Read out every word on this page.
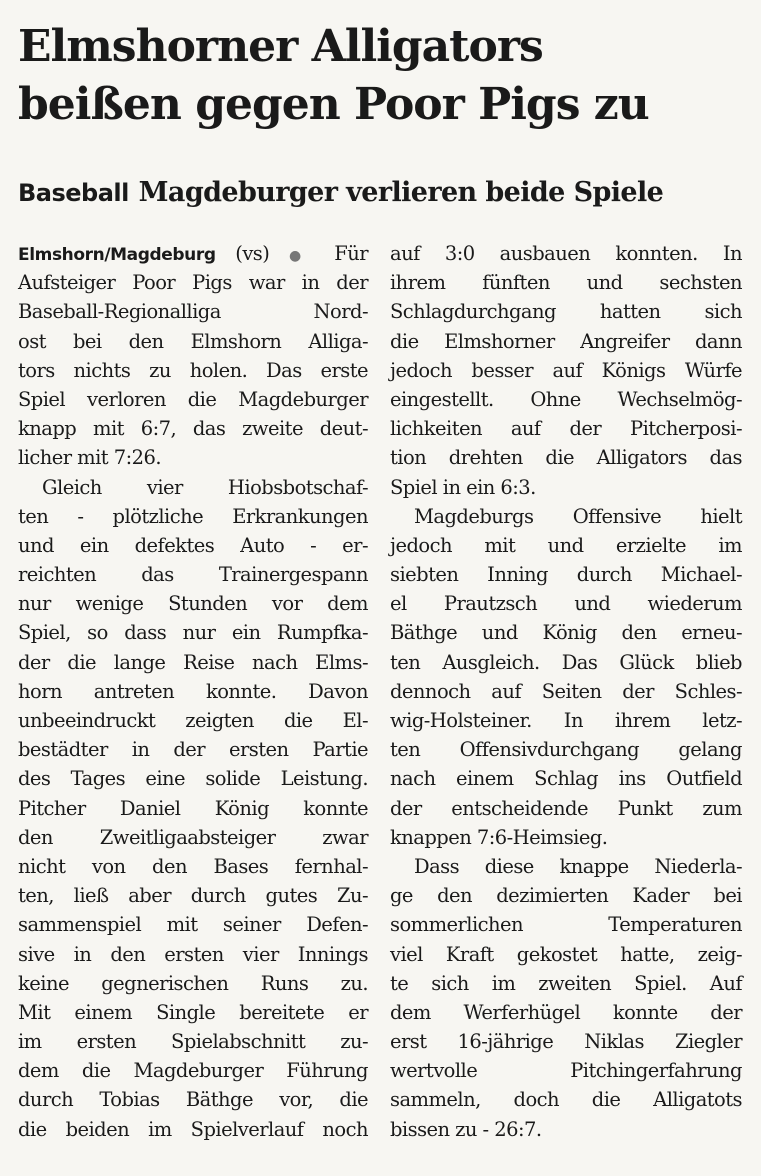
Elmshorner Alligators
beißen gegen Poor Pigs zu
Baseball Magdeburger verlieren beide Spiele
Elmshorn/Magdeburg (vs) ● Für
Aufsteiger Poor Pigs war in der
Baseball-Regionalliga Nord-
ost bei den Elmshorn Alliga-
tors nichts zu holen. Das erste
Spiel verloren die Magdeburger
knapp mit 6:7, das zweite deut-
licher mit 7:26.
Gleich vier Hiobsbotschaf-
ten - plötzliche Erkrankungen
und ein defektes Auto - er-
reichten das Trainergespann
nur wenige Stunden vor dem
Spiel, so dass nur ein Rumpfka-
der die lange Reise nach Elms-
horn antreten konnte. Davon
unbeeindruckt zeigten die El-
bestädter in der ersten Partie
des Tages eine solide Leistung.
Pitcher Daniel König konnte
den Zweitligaabsteiger zwar
nicht von den Bases fernhal-
ten, ließ aber durch gutes Zu-
sammenspiel mit seiner Defen-
sive in den ersten vier Innings
keine gegnerischen Runs zu.
Mit einem Single bereitete er
im ersten Spielabschnitt zu-
dem die Magdeburger Führung
durch Tobias Bäthge vor, die
die beiden im Spielverlauf noch
auf 3:0 ausbauen konnten. In
ihrem fünften und sechsten
Schlagdurchgang hatten sich
die Elmshorner Angreifer dann
jedoch besser auf Königs Würfe
eingestellt. Ohne Wechselmög-
lichkeiten auf der Pitcherposi-
tion drehten die Alligators das
Spiel in ein 6:3.
Magdeburgs Offensive hielt
jedoch mit und erzielte im
siebten Inning durch Michael-
el Prautzsch und wiederum
Bäthge und König den erneu-
ten Ausgleich. Das Glück blieb
dennoch auf Seiten der Schles-
wig-Holsteiner. In ihrem letz-
ten Offensivdurchgang gelang
nach einem Schlag ins Outfield
der entscheidende Punkt zum
knappen 7:6-Heimsieg.
Dass diese knappe Niederla-
ge den dezimierten Kader bei
sommerlichen Temperaturen
viel Kraft gekostet hatte, zeig-
te sich im zweiten Spiel. Auf
dem Werferhügel konnte der
erst 16-jährige Niklas Ziegler
wertvolle Pitchingerfahrung
sammeln, doch die Alligatots
bissen zu - 26:7.
